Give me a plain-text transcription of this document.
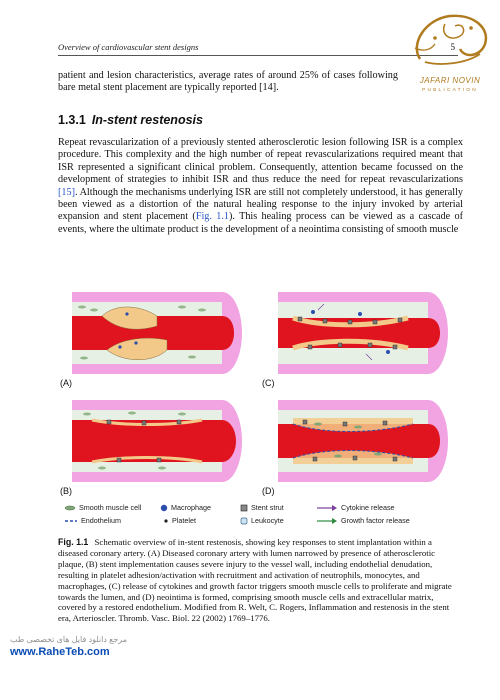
Overview of cardiovascular stent designs	5
JAFARI NOVIN
PUBLICATION

patient and lesion characteristics, average rates of around 25% of cases following bare metal stent placement are typically reported [14].

1.3.1 In-stent restenosis

Repeat revascularization of a previously stented atherosclerotic lesion following ISR is a complex procedure. This complexity and the high number of repeat revascularizations required meant that ISR represented a significant clinical problem. Consequently, attention became focussed on the development of strategies to inhibit ISR and thus reduce the need for repeat revascularizations [15]. Although the mechanisms underlying ISR are still not completely understood, it has generally been viewed as a distortion of the natural healing response to the injury invoked by arterial expansion and stent placement (Fig. 1.1). This healing process can be viewed as a cascade of events, where the ultimate product is the development of a neointima consisting of smooth muscle

(A)	(C)
(B)	(D)
Smooth muscle cell	Macrophage	Stent strut	Cytokine release
Endothelium	Platelet	Leukocyte	Growth factor release

Fig. 1.1 Schematic overview of in-stent restenosis, showing key responses to stent implantation within a diseased coronary artery. (A) Diseased coronary artery with lumen narrowed by presence of atherosclerotic plaque, (B) stent implementation causes severe injury to the vessel wall, including endothelial denudation, resulting in platelet adhesion/activation with recruitment and activation of neutrophils, monocytes, and macrophages, (C) release of cytokines and growth factor triggers smooth muscle cells to proliferate and migrate towards the lumen, and (D) neointima is formed, comprising smooth muscle cells and extracellular matrix, covered by a restored endothelium. Modified from R. Welt, C. Rogers, Inflammation and restenosis in the stent era, Arterioscler. Thromb. Vasc. Biol. 22 (2002) 1769–1776.

مرجع دانلود فایل های تخصصی طب
www.RaheTeb.com
